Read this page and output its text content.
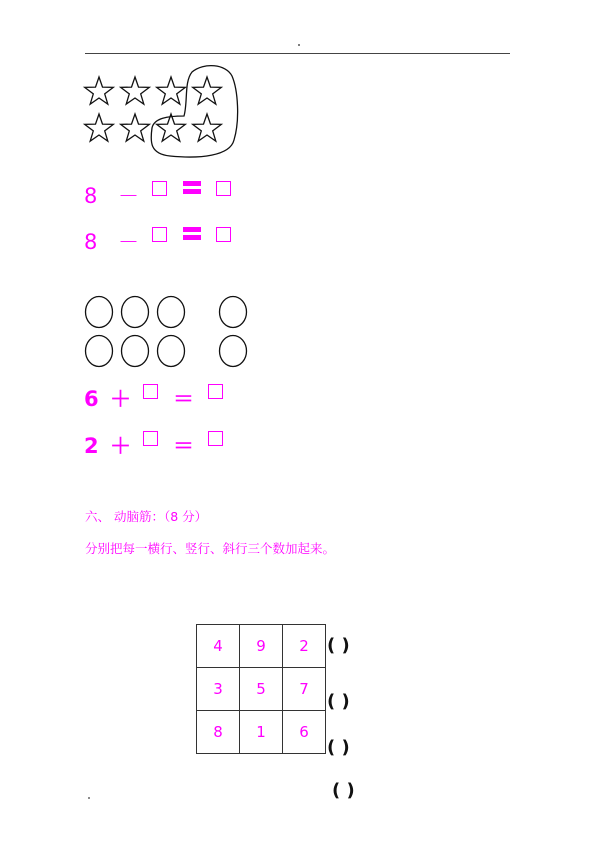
8 －
8 －
6 ＋ ＝
2 ＋ ＝
六、 动脑筋：（8 分）
分别把每一横行、竖行、斜行三个数加起来。
4	9	2
3	5	7
8	1	6
( )
( )
( )
( )
